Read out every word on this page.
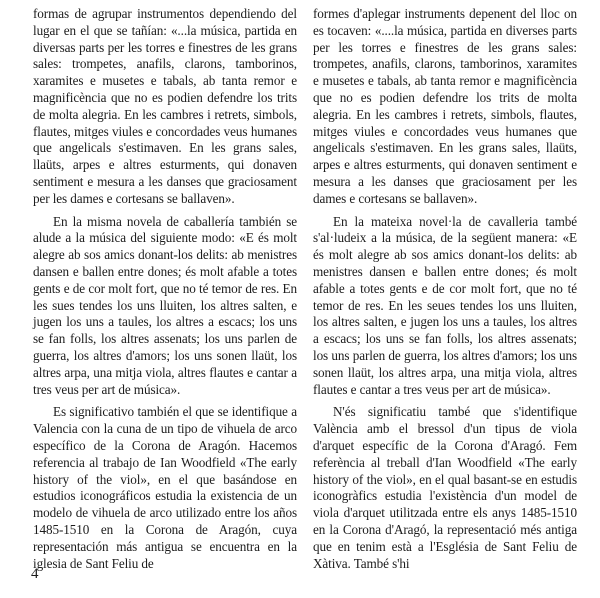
formas de agrupar instrumentos dependiendo del lugar en el que se tañían: «...la música, partida en diversas parts per les torres e finestres de les grans sales: trompetes, anafils, clarons, tamborinos, xaramites e musetes e tabals, ab tanta remor e magnificència que no es podien defendre los trits de molta alegria. En les cambres i retrets, simbols, flautes, mitges viules e concordades veus humanes que angelicals s'estimaven. En les grans sales, llaüts, arpes e altres esturments, qui donaven sentiment e mesura a les danses que graciosament per les dames e cortesans se ballaven».

En la misma novela de caballería también se alude a la música del siguiente modo: «E és molt alegre ab sos amics donant-los delits: ab menistres dansen e ballen entre dones; és molt afable a totes gents e de cor molt fort, que no té temor de res. En les sues tendes los uns lluiten, los altres salten, e jugen los uns a taules, los altres a escacs; los uns se fan folls, los altres assenats; los uns parlen de guerra, los altres d'amors; los uns sonen llaüt, los altres arpa, una mitja viola, altres flautes e cantar a tres veus per art de música».

Es significativo también el que se identifique a Valencia con la cuna de un tipo de vihuela de arco específico de la Corona de Aragón. Hacemos referencia al trabajo de Ian Woodfield «The early history of the viol», en el que basándose en estudios iconográficos estudia la existencia de un modelo de vihuela de arco utilizado entre los años 1485-1510 en la Corona de Aragón, cuya representación más antigua se encuentra en la iglesia de Sant Feliu de

formes d'aplegar instruments depenent del lloc on es tocaven: «....la música, partida en diverses parts per les torres e finestres de les grans sales: trompetes, anafils, clarons, tamborinos, xaramites e musetes e tabals, ab tanta remor e magnificència que no es podien defendre los trits de molta alegria. En les cambres i retrets, simbols, flautes, mitges viules e concordades veus humanes que angelicals s'estimaven. En les grans sales, llaüts, arpes e altres esturments, qui donaven sentiment e mesura a les danses que graciosament per les dames e cortesans se ballaven».

En la mateixa novel·la de cavalleria també s'al·ludeix a la música, de la següent manera: «E és molt alegre ab sos amics donant-los delits: ab menistres dansen e ballen entre dones; és molt afable a totes gents e de cor molt fort, que no té temor de res. En les seues tendes los uns lluiten, los altres salten, e jugen los uns a taules, los altres a escacs; los uns se fan folls, los altres assenats; los uns parlen de guerra, los altres d'amors; los uns sonen llaüt, los altres arpa, una mitja viola, altres flautes e cantar a tres veus per art de música».

N'és significatiu també que s'identifique València amb el bressol d'un tipus de viola d'arquet específic de la Corona d'Aragó. Fem referència al treball d'Ian Woodfield «The early history of the viol», en el qual basant-se en estudis iconogràfics estudia l'existència d'un model de viola d'arquet utilitzada entre els anys 1485-1510 en la Corona d'Aragó, la representació més antiga que en tenim està a l'Església de Sant Feliu de Xàtiva. També s'hi

4
